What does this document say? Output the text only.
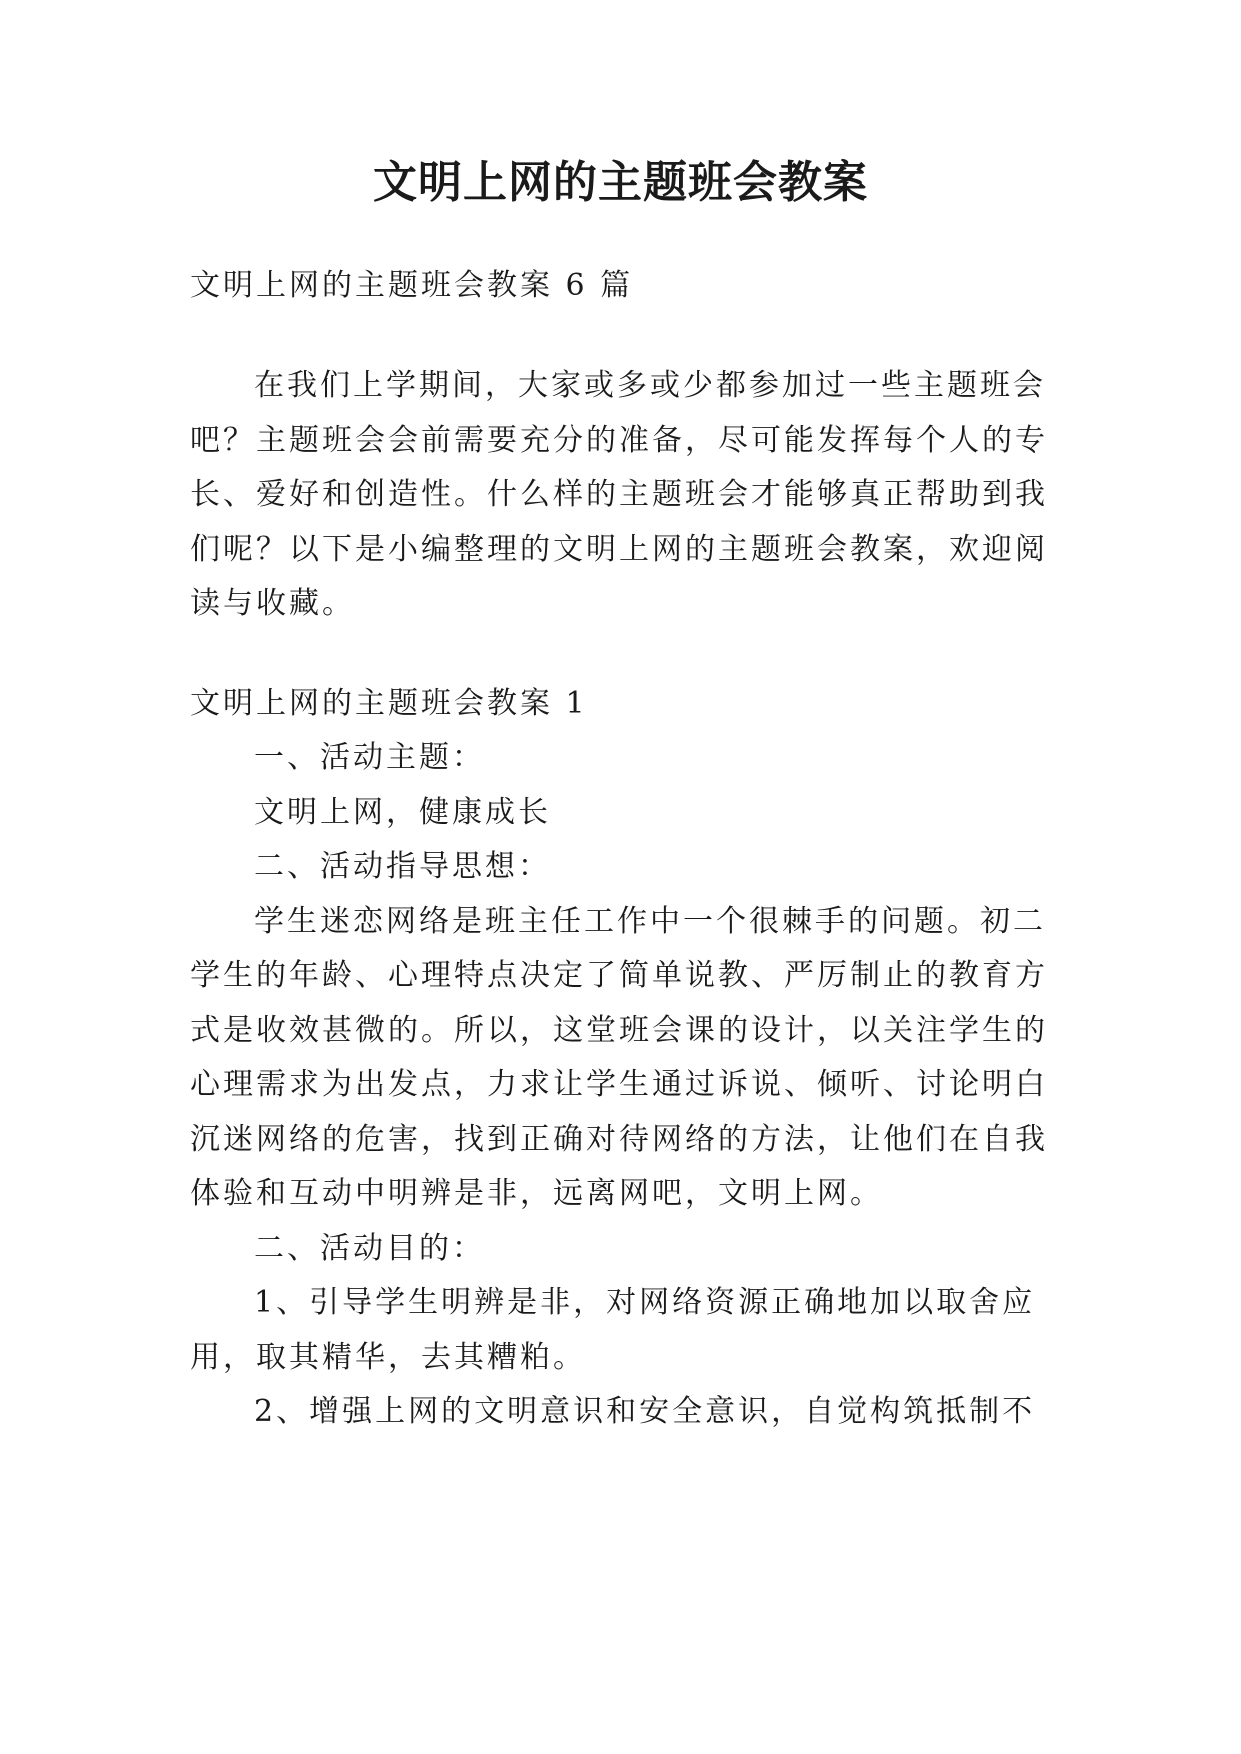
文明上网的主题班会教案

文明上网的主题班会教案 6 篇

在我们上学期间，大家或多或少都参加过一些主题班会

吧？主题班会会前需要充分的准备，尽可能发挥每个人的专

长、爱好和创造性。什么样的主题班会才能够真正帮助到我

们呢？以下是小编整理的文明上网的主题班会教案，欢迎阅

读与收藏。

文明上网的主题班会教案 1

一、活动主题：

文明上网，健康成长

二、活动指导思想：

学生迷恋网络是班主任工作中一个很棘手的问题。初二

学生的年龄、心理特点决定了简单说教、严厉制止的教育方

式是收效甚微的。所以，这堂班会课的设计，以关注学生的

心理需求为出发点，力求让学生通过诉说、倾听、讨论明白

沉迷网络的危害，找到正确对待网络的方法，让他们在自我

体验和互动中明辨是非，远离网吧，文明上网。

二、活动目的：

1、引导学生明辨是非，对网络资源正确地加以取舍应

用，取其精华，去其糟粕。

2、增强上网的文明意识和安全意识，自觉构筑抵制不
